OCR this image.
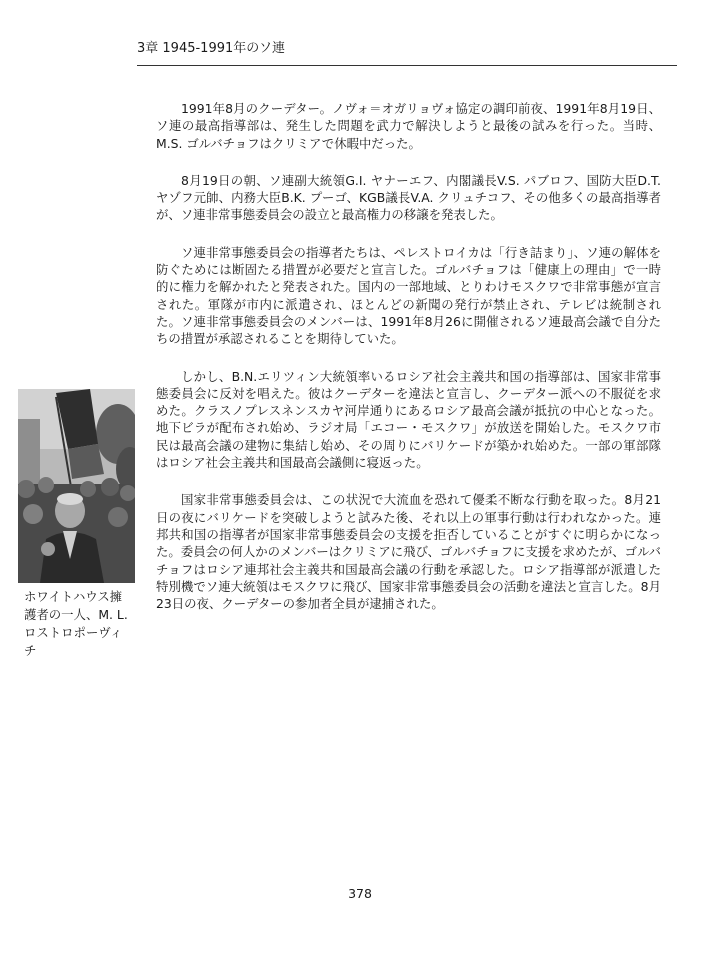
3章 1945-1991年のソ連

1991年8月のクーデター。ノヴォ＝オガリョヴォ協定の調印前夜、1991年8月19日、ソ連の最高指導部は、発生した問題を武力で解決しようと最後の試みを行った。当時、M.S. ゴルバチョフはクリミアで休暇中だった。

8月19日の朝、ソ連副大統領G.I. ヤナーエフ、内閣議長V.S. パブロフ、国防大臣D.T. ヤゾフ元帥、内務大臣B.K. プーゴ、KGB議長V.A. クリュチコフ、その他多くの最高指導者が、ソ連非常事態委員会の設立と最高権力の移譲を発表した。

ソ連非常事態委員会の指導者たちは、ペレストロイカは「行き詰まり」、ソ連の解体を防ぐためには断固たる措置が必要だと宣言した。ゴルバチョフは「健康上の理由」で一時的に権力を解かれたと発表された。国内の一部地域、とりわけモスクワで非常事態が宣言された。軍隊が市内に派遣され、ほとんどの新聞の発行が禁止され、テレビは統制された。ソ連非常事態委員会のメンバーは、1991年8月26に開催されるソ連最高会議で自分たちの措置が承認されることを期待していた。

しかし、B.N.エリツィン大統領率いるロシア社会主義共和国の指導部は、国家非常事態委員会に反対を唱えた。彼はクーデターを違法と宣言し、クーデター派への不服従を求めた。クラスノプレスネンスカヤ河岸通りにあるロシア最高会議が抵抗の中心となった。地下ビラが配布され始め、ラジオ局「エコー・モスクワ」が放送を開始した。モスクワ市民は最高会議の建物に集結し始め、その周りにバリケードが築かれ始めた。一部の軍部隊はロシア社会主義共和国最高会議側に寝返った。

国家非常事態委員会は、この状況で大流血を恐れて優柔不断な行動を取った。8月21日の夜にバリケードを突破しようと試みた後、それ以上の軍事行動は行われなかった。連邦共和国の指導者が国家非常事態委員会の支援を拒否していることがすぐに明らかになった。委員会の何人かのメンバーはクリミアに飛び、ゴルバチョフに支援を求めたが、ゴルバチョフはロシア連邦社会主義共和国最高会議の行動を承認した。ロシア指導部が派遣した特別機でソ連大統領はモスクワに飛び、国家非常事態委員会の活動を違法と宣言した。8月23日の夜、クーデターの参加者全員が逮捕された。

ホワイトハウス擁護者の一人、M. L. ロストロポーヴィチ
378
